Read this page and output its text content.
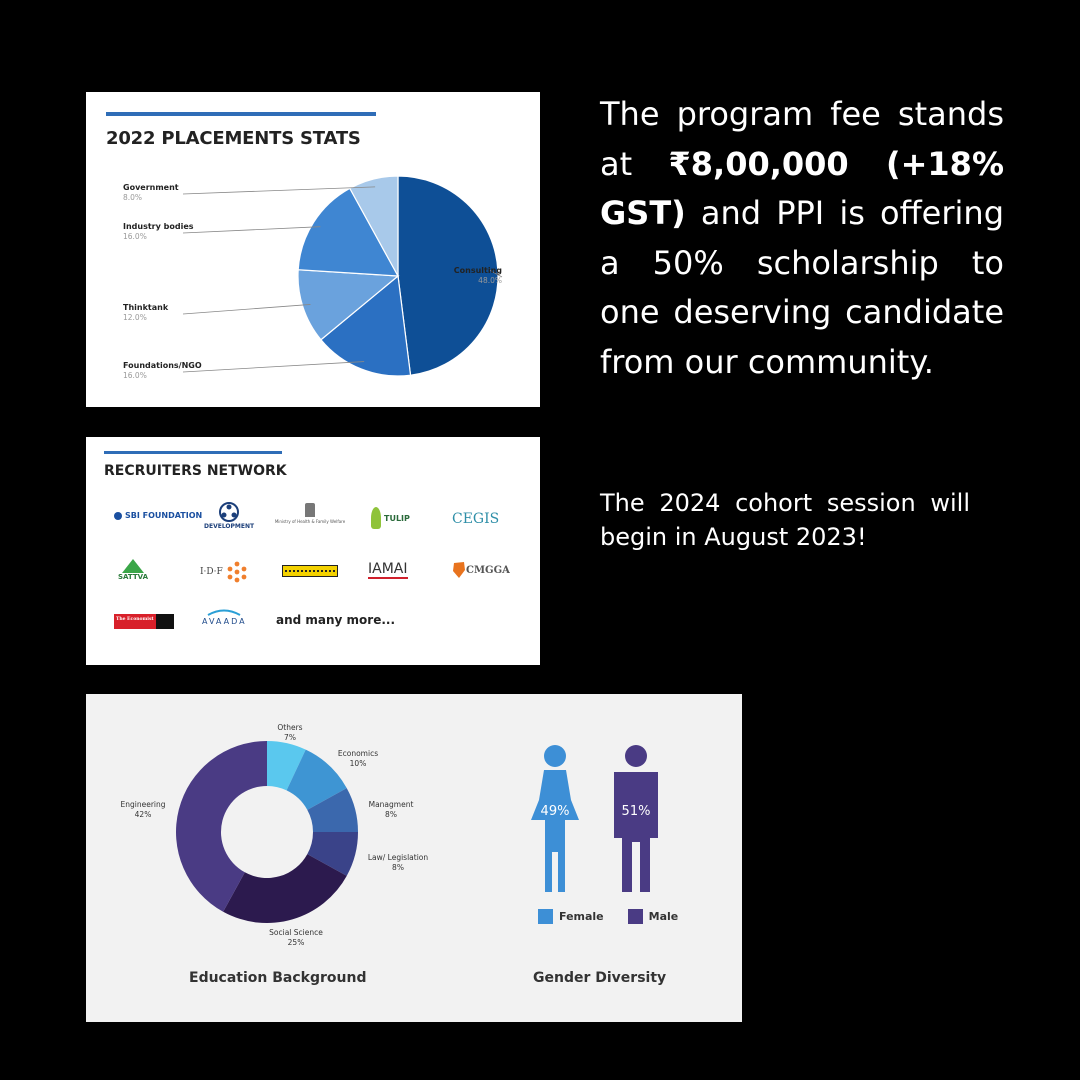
2022 PLACEMENTS STATS
Consulting
48.0%
Foundations/NGO
16.0%
Thinktank
12.0%
Industry bodies
16.0%
Government
8.0%
RECRUITERS NETWORK
SBI FOUNDATION
DEVELOPMENT
Ministry of Health & Family Welfare	TULIP	CEGIS
SATTVA	I·D·F	IAMAI	CMGGA
The Economist	AVAADA and many more...
Others
7%
Economics
10%
Managment
8%
Law/ Legislation
8%
Social Science
25%
Engineering
42%	49%	51%
Female	Male
Education Background	Gender Diversity
The program fee stands at ₹8,00,000 (+18% GST) and PPI is offering a 50% scholarship to one deserving candidate from our community.
The 2024 cohort session will begin in August 2023!
